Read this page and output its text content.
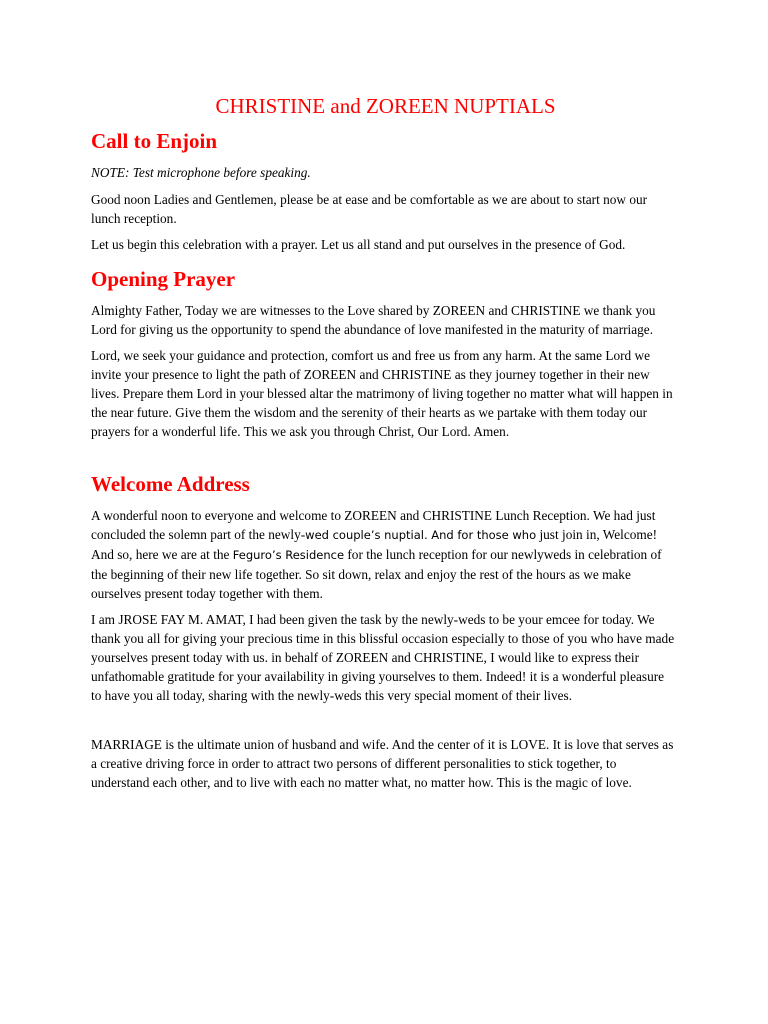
CHRISTINE and ZOREEN NUPTIALS
Call to Enjoin

NOTE: Test microphone before speaking.

Good noon Ladies and Gentlemen, please be at ease and be comfortable as we are about to start now our lunch reception.

Let us begin this celebration with a prayer. Let us all stand and put ourselves in the presence of God.

Opening Prayer

Almighty Father, Today we are witnesses to the Love shared by ZOREEN and CHRISTINE we thank you Lord for giving us the opportunity to spend the abundance of love manifested in the maturity of marriage.

Lord, we seek your guidance and protection, comfort us and free us from any harm. At the same Lord we invite your presence to light the path of ZOREEN and CHRISTINE as they journey together in their new lives. Prepare them Lord in your blessed altar the matrimony of living together no matter what will happen in the near future. Give them the wisdom and the serenity of their hearts as we partake with them today our prayers for a wonderful life. This we ask you through Christ, Our Lord. Amen.

Welcome Address

A wonderful noon to everyone and welcome to ZOREEN and CHRISTINE Lunch Reception. We had just concluded the solemn part of the newly-wed couple’s nuptial. And for those who just join in, Welcome! And so, here we are at the Feguro’s Residence for the lunch reception for our newlyweds in celebration of the beginning of their new life together. So sit down, relax and enjoy the rest of the hours as we make ourselves present today together with them.

I am JROSE FAY M. AMAT, I had been given the task by the newly-weds to be your emcee for today. We thank you all for giving your precious time in this blissful occasion especially to those of you who have made yourselves present today with us. in behalf of ZOREEN and CHRISTINE, I would like to express their unfathomable gratitude for your availability in giving yourselves to them. Indeed! it is a wonderful pleasure to have you all today, sharing with the newly-weds this very special moment of their lives.

MARRIAGE is the ultimate union of husband and wife. And the center of it is LOVE. It is love that serves as a creative driving force in order to attract two persons of different personalities to stick together, to understand each other, and to live with each no matter what, no matter how. This is the magic of love.
